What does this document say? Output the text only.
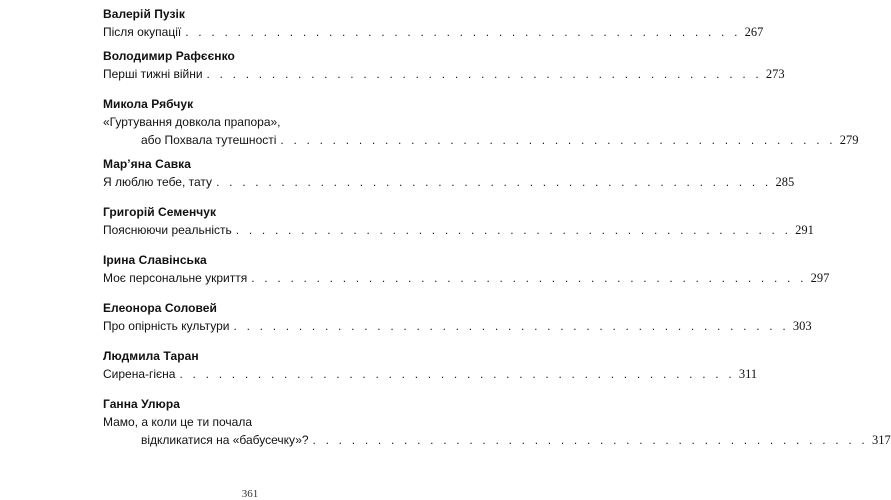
Валерій Пузік
Після окупації . . . . . . . . . . . . . . . . . . . . . . . . . . . . . . . . . . . . . . . . . . . 267
Володимир Рафєєнко
Перші тижні війни . . . . . . . . . . . . . . . . . . . . . . . . . . . . . . . . . . . . . . . . . . . 273
Микола Рябчук
«Гуртування довкола прапора»,
або Похвала тутешності . . . . . . . . . . . . . . . . . . . . . . . . . . . . . . . . . . . . . . . . . . . 279
Мар’яна Савка
Я люблю тебе, тату . . . . . . . . . . . . . . . . . . . . . . . . . . . . . . . . . . . . . . . . . . . 285
Григорій Семенчук
Пояснюючи реальність . . . . . . . . . . . . . . . . . . . . . . . . . . . . . . . . . . . . . . . . . . . 291
Ірина Славінська
Моє персональне укриття . . . . . . . . . . . . . . . . . . . . . . . . . . . . . . . . . . . . . . . . . . . 297
Елеонора Соловей
Про опірність культури . . . . . . . . . . . . . . . . . . . . . . . . . . . . . . . . . . . . . . . . . . . 303
Людмила Таран
Сирена-гієна . . . . . . . . . . . . . . . . . . . . . . . . . . . . . . . . . . . . . . . . . . . 311
Ганна Улюра
Мамо, а коли це ти почала
відкликатися на «бабусечку»? . . . . . . . . . . . . . . . . . . . . . . . . . . . . . . . . . . . . . . . . . . . 317
361
